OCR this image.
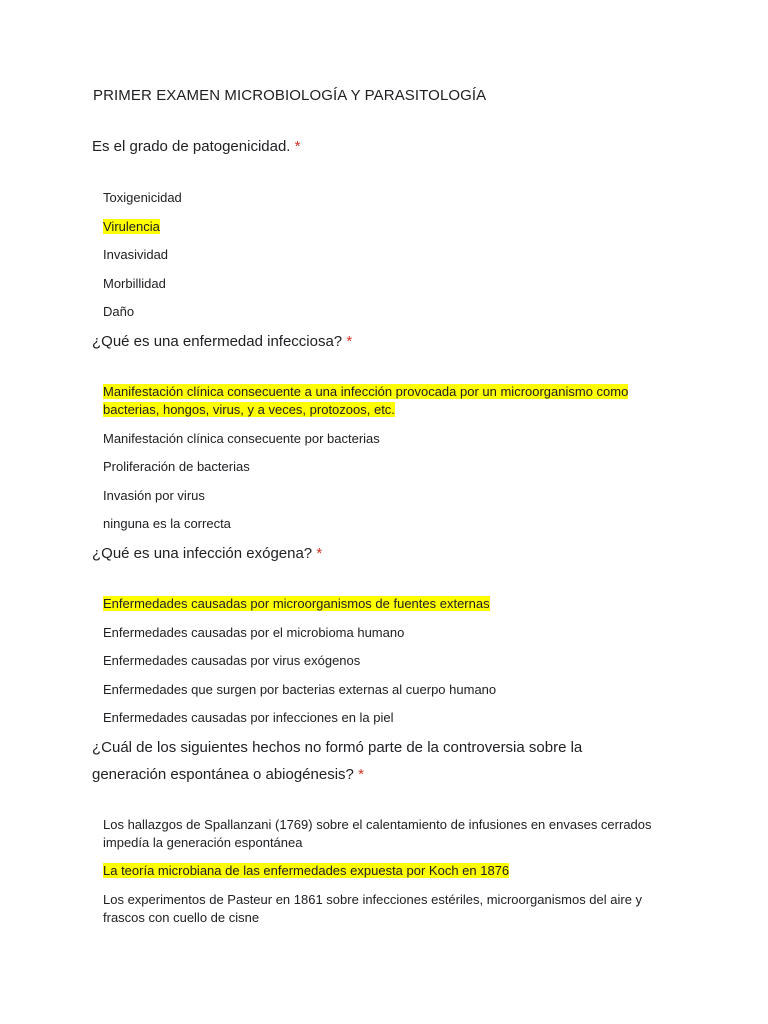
PRIMER EXAMEN MICROBIOLOGÍA Y PARASITOLOGÍA
Es el grado de patogenicidad. *
Toxigenicidad
Virulencia
Invasividad
Morbillidad
Daño
¿Qué es una enfermedad infecciosa? *
Manifestación clínica consecuente a una infección provocada por un microorganismo como bacterias, hongos, virus, y a veces, protozoos, etc.
Manifestación clínica consecuente por bacterias
Proliferación de bacterias
Invasión por virus
ninguna es la correcta
¿Qué es una infección exógena? *
Enfermedades causadas por microorganismos de fuentes externas
Enfermedades causadas por el microbioma humano
Enfermedades causadas por virus exógenos
Enfermedades que surgen por bacterias externas al cuerpo humano
Enfermedades causadas por infecciones en la piel
¿Cuál de los siguientes hechos no formó parte de la controversia sobre la generación espontánea o abiogénesis? *
Los hallazgos de Spallanzani (1769) sobre el calentamiento de infusiones en envases cerrados impedía la generación espontánea
La teoría microbiana de las enfermedades expuesta por Koch en 1876
Los experimentos de Pasteur en 1861 sobre infecciones estériles, microorganismos del aire y frascos con cuello de cisne
